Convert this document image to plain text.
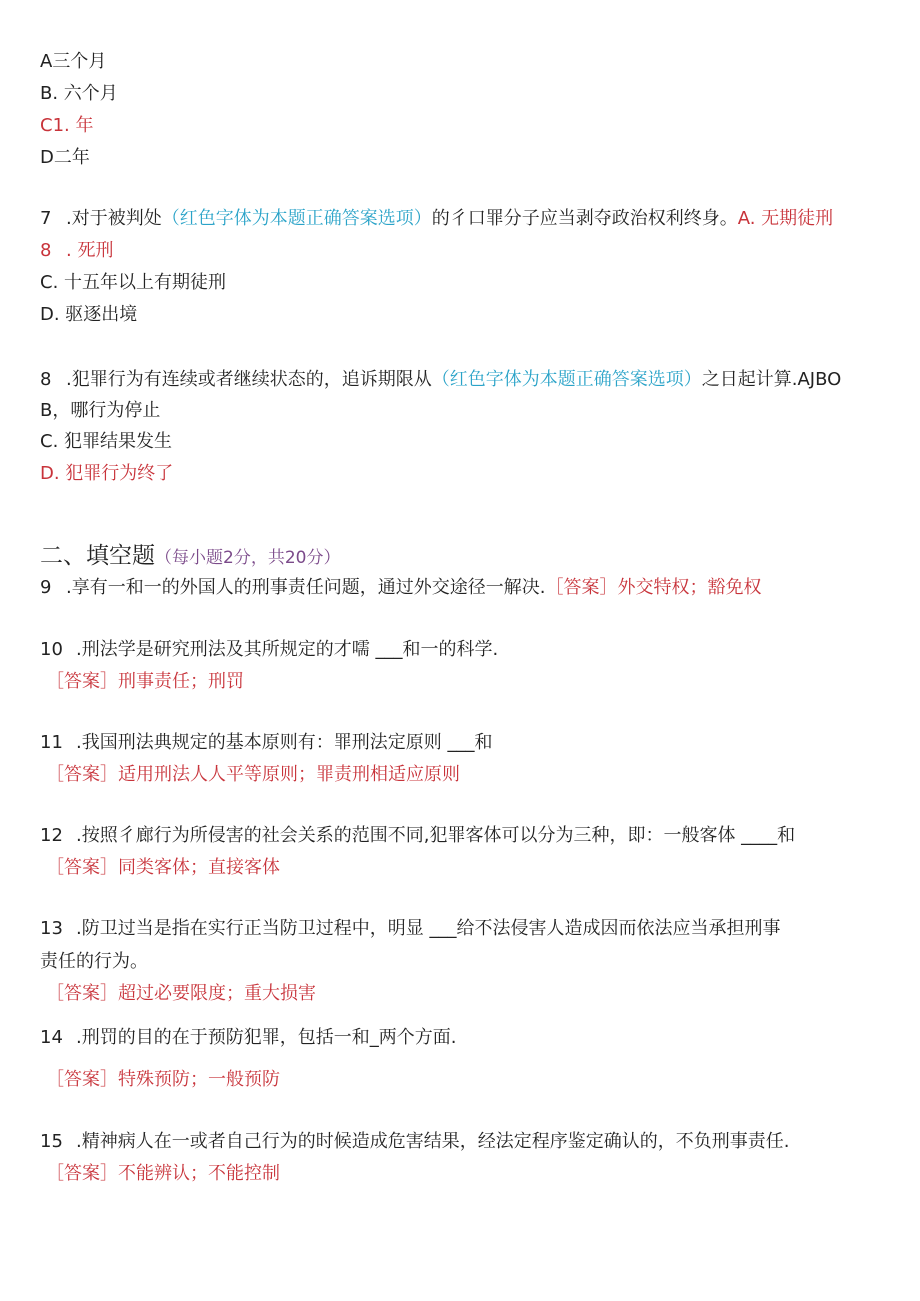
A三个月
B. 六个月
C1. 年
D二年
7 .对于被判处（红色字体为本题正确答案选项）的彳口罪分子应当剥夺政治权利终身。A. 无期徒刑
8 . 死刑
C. 十五年以上有期徒刑
D. 驱逐出境
8 .犯罪行为有连续或者继续状态的，追诉期限从（红色字体为本题正确答案选项）之日起计算.AJBO
B，哪行为停止
C. 犯罪结果发生
D. 犯罪行为终了
二、填空题（每小题2分，共20分）
9 .享有一和一的外国人的刑事责任问题，通过外交途径一解决.［答案］外交特权；豁免权
10 .刑法学是研究刑法及其所规定的才嚅 ___和一的科学.
［答案］刑事责任；刑罚
11 .我国刑法典规定的基本原则有：罪刑法定原则 ___和
［答案］适用刑法人人平等原则；罪责刑相适应原则
12 .按照彳廊行为所侵害的社会关系的范围不同,犯罪客体可以分为三种，即：一般客体 ____和
［答案］同类客体；直接客体
13 .防卫过当是指在实行正当防卫过程中，明显 ___给不法侵害人造成因而依法应当承担刑事
责任的行为。
［答案］超过必要限度；重大损害
14 .刑罚的目的在于预防犯罪，包括一和_两个方面.
［答案］特殊预防；一般预防
15 .精神病人在一或者自己行为的时候造成危害结果，经法定程序鉴定确认的，不负刑事责任.
［答案］不能辨认；不能控制
